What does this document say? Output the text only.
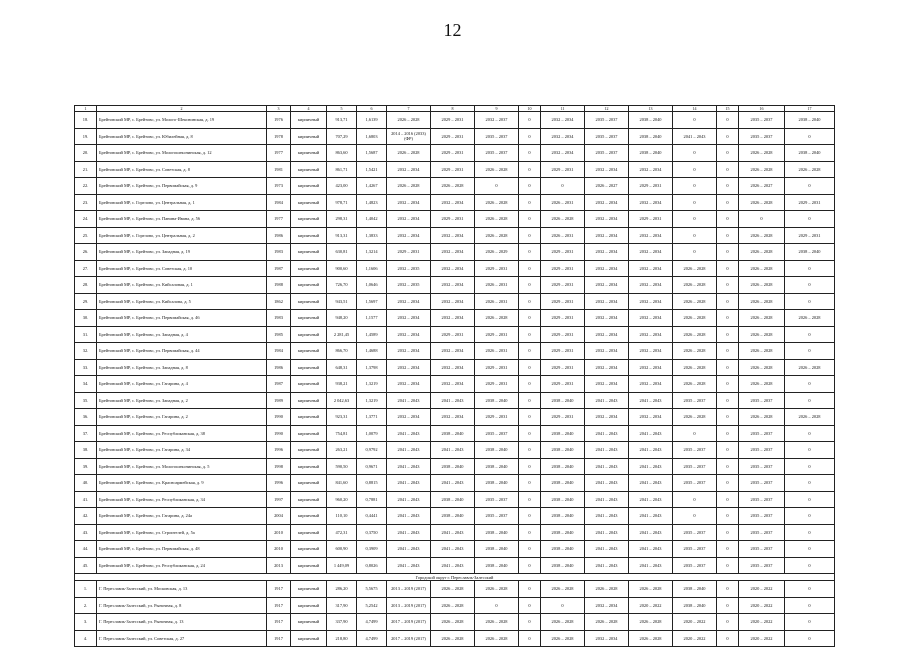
12
1	2	3	4	5	6	7	8	9	10	11	12	13	14	15	16	17
18.	Брейтовский МР, с. Брейтово, ул. Молого-Шекснинская, д. 19	1976	кирпичный	913,71	1,6139	2026 – 2028	2029 – 2031	2032 – 2037	0	2032 – 2034	2035 – 2037	2038 – 2040	0	0	2035 – 2037	2038 – 2040
19.	Брейтовский МР, с. Брейтово, ул. Юбилейная, д. 8	1978	кирпичный	707,29	1,6803	2014 – 2016 (2033)(ФР)	2029 – 2031	2035 – 2037	0	2032 – 2034	2035 – 2037	2038 – 2040	2041 – 2043	0	2035 – 2037	0
20.	Брейтовский МР, с. Брейтово, ул. Мологошекснинская, д. 12	1977	кирпичный	863,60	1,5687	2026 – 2028	2029 – 2031	2035 – 2037	0	2032 – 2034	2035 – 2037	2038 – 2040	0	0	2026 – 2028	2038 – 2040
21.	Брейтовский МР, с. Брейтово, ул. Советская, д. 8	1981	кирпичный	861,71	1,5421	2032 – 2034	2029 – 2031	2026 – 2028	0	2029 – 2031	2032 – 2034	2032 – 2034	0	0	2026 – 2028	2026 – 2028
22.	Брейтовский МР, с. Брейтово, ул. Первомайская, д. 9	1973	кирпичный	423,00	1,4267	2026 – 2028	2026 – 2028	0	0	0	2026 – 2027	2029 – 2031	0	0	2026 – 2027	0
23.	Брейтовский МР, с. Горелово, ул. Центральная, д. 1	1984	кирпичный	978,71	1,4823	2032 – 2034	2032 – 2034	2026 – 2028	0	2026 – 2031	2032 – 2034	2032 – 2034	0	0	2026 – 2028	2029 – 2031
24.	Брейтовский МР, с. Брейтово, ул. Панина-Ивана, д. 56	1977	кирпичный	298,31	1,4042	2032 – 2034	2029 – 2031	2026 – 2028	0	2026 – 2028	2032 – 2034	2029 – 2031	0	0	0	0
25.	Брейтовский МР, с. Горелово, ул. Центральная, д. 2	1986	кирпичный	913,31	1,3833	2032 – 2034	2032 – 2034	2026 – 2028	0	2026 – 2031	2032 – 2034	2032 – 2034	0	0	2026 – 2028	2029 – 2031
26.	Брейтовский МР, с. Брейтово, ул. Западная, д. 19	1983	кирпичный	630,81	1,3214	2029 – 2031	2032 – 2034	2026 – 2029	0	2029 – 2031	2032 – 2034	2032 – 2034	0	0	2026 – 2028	2038 – 2040
27.	Брейтовский МР, с. Брейтово, ул. Советская, д. 10	1987	кирпичный	900,60	1,1606	2032 – 2035	2032 – 2034	2029 – 2031	0	2029 – 2031	2032 – 2034	2032 – 2034	2026 – 2028	0	2026 – 2028	0
28.	Брейтовский МР, с. Брейтово, ул. Кийсаловая, д. 1	1988	кирпичный	726,70	1,0646	2032 – 2035	2032 – 2034	2026 – 2031	0	2029 – 2031	2032 – 2034	2032 – 2034	2026 – 2028	0	2026 – 2028	0
29.	Брейтовский МР, с. Брейтово, ул. Кийсалова, д. 5	1862	кирпичный	943,51	1,5697	2032 – 2034	2032 – 2034	2026 – 2031	0	2029 – 2031	2032 – 2034	2032 – 2034	2026 – 2028	0	2026 – 2028	0
30.	Брейтовский МР, с. Брейтово, ул. Первомайская, д. 46	1983	кирпичный	948,20	1,1577	2032 – 2034	2032 – 2034	2026 – 2028	0	2029 – 2031	2032 – 2034	2032 – 2034	2026 – 2028	0	2026 – 2028	2026 – 2028
31.	Брейтовский МР, с. Брейтово, ул. Западная, д. 4	1985	кирпичный	2 281,45	1,4589	2032 – 2034	2029 – 2031	2029 – 2031	0	2029 – 2031	2032 – 2034	2032 – 2034	2026 – 2028	0	2026 – 2028	0
32.	Брейтовский МР, с. Брейтово, ул. Первомайская, д. 44	1984	кирпичный	866,70	1,4688	2032 – 2034	2032 – 2034	2026 – 2031	0	2029 – 2031	2032 – 2034	2032 – 2034	2026 – 2028	0	2026 – 2028	0
33.	Брейтовский МР, с. Брейтово, ул. Западная, д. 8	1986	кирпичный	648,31	1,3798	2032 – 2034	2032 – 2034	2029 – 2031	0	2029 – 2031	2032 – 2034	2032 – 2034	2026 – 2028	0	2026 – 2028	2026 – 2028
34.	Брейтовский МР, с. Брейтово, ул. Гагарина, д. 4	1987	кирпичный	938,21	1,3219	2032 – 2034	2032 – 2034	2029 – 2031	0	2029 – 2031	2032 – 2034	2032 – 2034	2026 – 2028	0	2026 – 2028	0
35.	Брейтовский МР, с. Брейтово, ул. Западная, д. 2	1989	кирпичный	2 042,63	1,3219	2041 – 2043	2041 – 2043	2038 – 2040	0	2038 – 2040	2041 – 2043	2041 – 2043	2035 – 2037	0	2035 – 2037	0
36.	Брейтовский МР, с. Брейтово, ул. Гагарина, д. 2	1990	кирпичный	923,31	1,3771	2032 – 2034	2032 – 2034	2029 – 2031	0	2029 – 2031	2032 – 2034	2032 – 2034	2026 – 2028	0	2026 – 2028	2026 – 2028
37.	Брейтовский МР, с. Брейтово, ул. Республиканская, д. 38	1990	кирпичный	754,81	1,0079	2041 – 2043	2038 – 2040	2035 – 2037	0	2038 – 2040	2041 – 2043	2041 – 2043	0	0	2035 – 2037	0
38.	Брейтовский МР, с. Брейтово, ул. Гагарина, д. 34	1996	кирпичный	263,21	0,9792	2041 – 2043	2041 – 2043	2038 – 2040	0	2038 – 2040	2041 – 2043	2041 – 2043	2035 – 2037	0	2035 – 2037	0
39.	Брейтовский МР, с. Брейтово, ул. Мологошекснинская, д. 5	1998	кирпичный	590,50	0,9671	2041 – 2043	2038 – 2040	2038 – 2040	0	2038 – 2040	2041 – 2043	2041 – 2043	2035 – 2037	0	2035 – 2037	0
40.	Брейтовский МР, с. Брейтово, ул. Красноармейская, д. 9	1996	кирпичный	841,60	0,8815	2041 – 2043	2041 – 2043	2038 – 2040	0	2038 – 2040	2041 – 2043	2041 – 2043	2035 – 2037	0	2035 – 2037	0
41.	Брейтовский МР, с. Брейтово, ул. Республиканская, д. 34	1997	кирпичный	960,20	0,7881	2041 – 2043	2038 – 2040	2035 – 2037	0	2038 – 2040	2041 – 2043	2041 – 2043	0	0	2035 – 2037	0
42.	Брейтовский МР, с. Брейтово, ул. Гагарина, д. 24а	2004	кирпичный	110,10	0,4441	2041 – 2043	2038 – 2040	2035 – 2037	0	2038 – 2040	2041 – 2043	2041 – 2043	0	0	2035 – 2037	0
43.	Брейтовский МР, с. Брейтово, ул. Строителей, д. 5а	2010	кирпичный	472,31	0,3750	2041 – 2043	2041 – 2043	2038 – 2040	0	2038 – 2040	2041 – 2043	2041 – 2043	2035 – 2037	0	2035 – 2037	0
44.	Брейтовский МР, с. Брейтово, ул. Первомайская, д. 48	2010	кирпичный	600,90	0,3909	2041 – 2043	2041 – 2043	2038 – 2040	0	2038 – 2040	2041 – 2043	2041 – 2043	2035 – 2037	0	2035 – 2037	0
45.	Брейтовский МР, с. Брейтово, ул. Республиканская, д. 24	2013	кирпичный	1 449,09	0,8026	2041 – 2043	2041 – 2043	2038 – 2040	0	2038 – 2040	2041 – 2043	2041 – 2043	2035 – 2037	0	2035 – 2037	0
Городской округ г. Переславль-Залесский																
1.	Г. Переславль-Залесский, ул. Московская, д. 13	1917	кирпичный	286,20	5,5675	2013 – 2019 (2017)	2026 – 2028	2026 – 2028	0	2026 – 2028	2026 – 2028	2026 – 2028	2038 – 2040	0	2020 – 2022	0
2.	Г. Переславль-Залесский, ул. Рыночная, д. 8	1917	кирпичный	317,90	5,2542	2013 – 2019 (2017)	2026 – 2028	0	0	0	2032 – 2034	2020 – 2022	2038 – 2040	0	2020 – 2022	0
3.	Г. Переславль-Залесский, ул. Рыночная, д. 13	1917	кирпичный	337,90	4,7499	2017 – 2019 (2017)	2026 – 2028	2026 – 2028	0	2026 – 2028	2026 – 2028	2026 – 2028	2020 – 2022	0	2020 – 2022	0
4.	Г. Переславль-Залесский, ул. Советская, д. 27	1917	кирпичный	218,80	4,7499	2017 – 2019 (2017)	2026 – 2028	2026 – 2028	0	2026 – 2028	2032 – 2034	2026 – 2028	2020 – 2022	0	2020 – 2022	0
